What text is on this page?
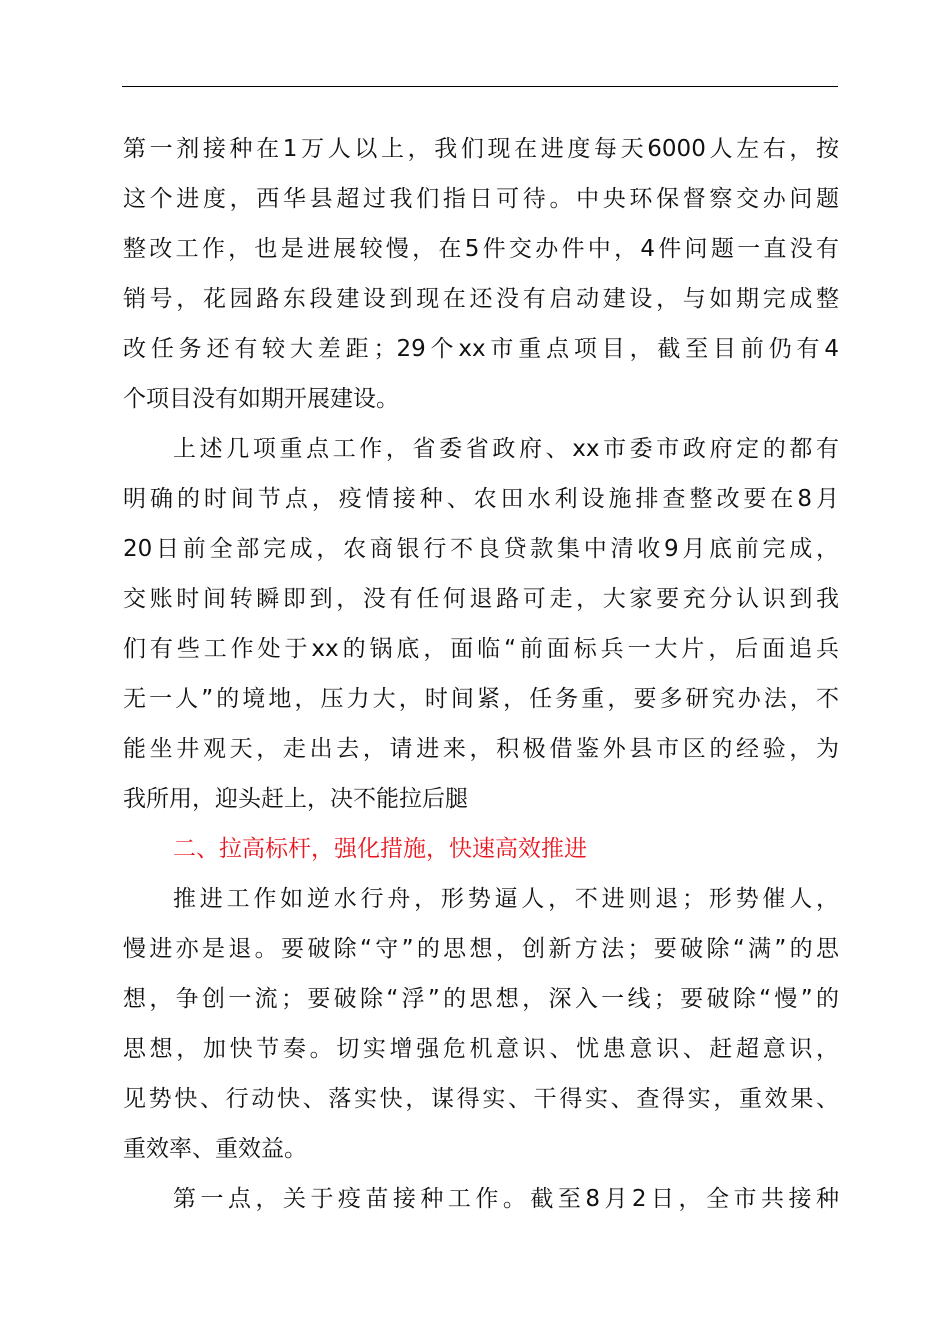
第一剂接种在1万人以上，我们现在进度每天6000人左右，按
这个进度，西华县超过我们指日可待。中央环保督察交办问题
整改工作，也是进展较慢，在5件交办件中，4件问题一直没有
销号，花园路东段建设到现在还没有启动建设，与如期完成整
改任务还有较大差距；29个xx市重点项目，截至目前仍有4
个项目没有如期开展建设。
上述几项重点工作，省委省政府、xx市委市政府定的都有
明确的时间节点，疫情接种、农田水利设施排查整改要在8月
20日前全部完成，农商银行不良贷款集中清收9月底前完成，
交账时间转瞬即到，没有任何退路可走，大家要充分认识到我
们有些工作处于xx的锅底，面临“前面标兵一大片，后面追兵
无一人”的境地，压力大，时间紧，任务重，要多研究办法，不
能坐井观天，走出去，请进来，积极借鉴外县市区的经验，为
我所用，迎头赶上，决不能拉后腿
二、拉高标杆，强化措施，快速高效推进
推进工作如逆水行舟，形势逼人，不进则退；形势催人，
慢进亦是退。要破除“守”的思想，创新方法；要破除“满”的思
想，争创一流；要破除“浮”的思想，深入一线；要破除“慢”的
思想，加快节奏。切实增强危机意识、忧患意识、赶超意识，
见势快、行动快、落实快，谋得实、干得实、查得实，重效果、
重效率、重效益。
第一点，关于疫苗接种工作。截至8月2日，全市共接种
